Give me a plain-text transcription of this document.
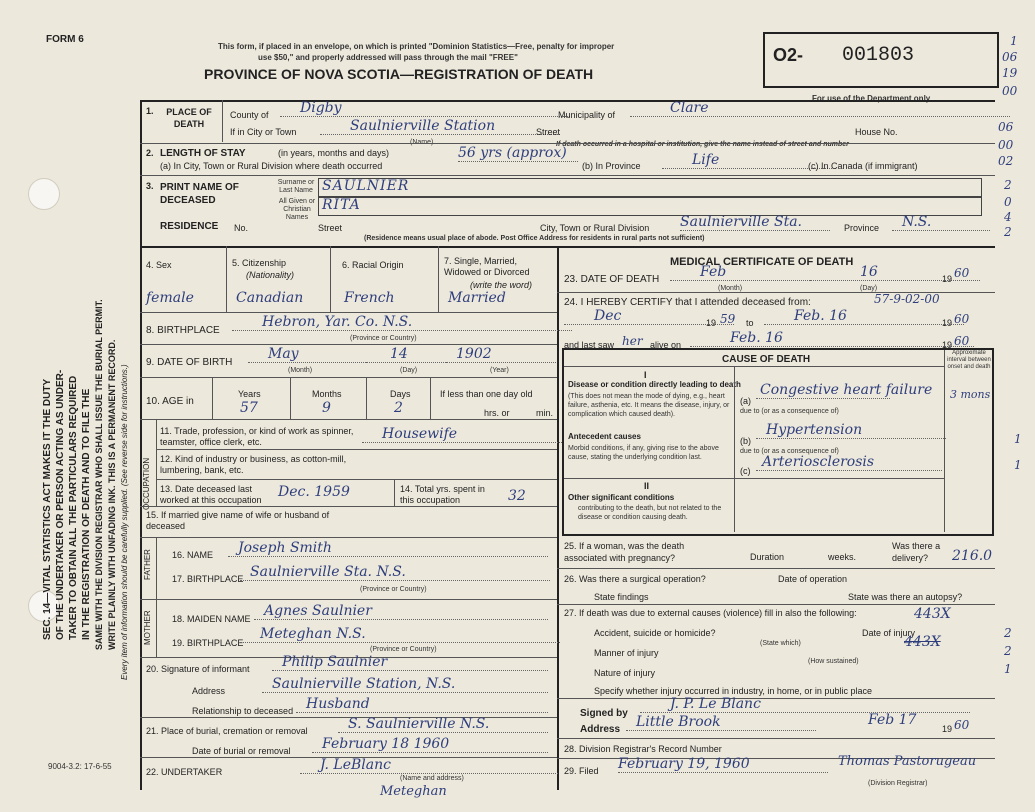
SEC. 14—VITAL STATISTICS ACT MAKES IT THE DUTY OF THE UNDERTAKER OR PERSON ACTING AS UNDER- TAKER TO OBTAIN ALL THE PARTICULARS REQUIRED IN THE REGISTRATION OF DEATH AND TO FILE THE SAME WITH THE DIVISION REGISTRAR WHO SHALL ISSUE THE BURIAL PERMIT. WRITE PLAINLY WITH UNFADING INK. THIS IS A PERMANENT RECORD. Every item of information should be carefully supplied. (See reverse side for instructions.)
FORM 6
This form, if placed in an envelope, on which is printed "Dominion Statistics—Free, penalty for improper
use $50," and properly addressed will pass through the mail "FREE"
PROVINCE OF NOVA SCOTIA—REGISTRATION OF DEATH
O2- 001803
For use of the Department only
1
06
19
00
06
00
02
2
0
4
2
1.	PLACE OF DEATH
County of	Digby	Municipality of	Clare
If in City or Town	Saulnierville Station
(Name)
Street	House No.
If death occurred in a hospital or institution, give the name instead of street and number
2. LENGTH OF STAY	(in years, months and days)
(a) In City, Town or Rural Division where death occurred
56 yrs (approx)
(b) In Province	Life	(c) In Canada (if immigrant)
3. PRINT NAME OF DECEASED
Surname or Last Name
All Given or Christian Names
SAULNIER
RITA
RESIDENCE No.	Street	City, Town or Rural Division Saulnierville Sta.	Province	N.S.
(Residence means usual place of abode. Post Office Address for residents in rural parts not sufficient)
4. Sex	5. Citizenship
(Nationality)
6. Racial Origin	7. Single, Married, Widowed or Divorced
(write the word)
female	Canadian	French	Married
8. BIRTHPLACE
Hebron, Yar. Co. N.S.
(Province or Country)
9. DATE OF BIRTH
May	14	1902
(Month)	(Day)	(Year)
10. AGE in
Years	Months	Days
57	9	2
If less than one day old
hrs. or	min.
OCCUPATION
11. Trade, profession, or kind of work as spinner, teamster, office clerk, etc.	Housewife
12. Kind of industry or business, as cotton-mill, lumbering, bank, etc.
13. Date deceased last worked at this occupation	Dec. 1959	14. Total yrs. spent in this occupation	32
15. If married give name of wife or husband of deceased
FATHER 16. NAME	Joseph Smith
17. BIRTHPLACE Saulnierville Sta. N.S.
(Province or Country)
MOTHER 18. MAIDEN NAME Agnes Saulnier
19. BIRTHPLACE
Meteghan N.S.
(Province or Country)
20. Signature of informant	Philip Saulnier
Address	Saulnierville Station, N.S.
Relationship to deceased Husband
21. Place of burial, cremation or removal	S. Saulnierville N.S.
Date of burial or removal	February 18 1960
22. UNDERTAKER	J. LeBlanc
(Name and address)
Meteghan
9004-3.2: 17-6-55
MEDICAL CERTIFICATE OF DEATH
23. DATE OF DEATH	Feb	16	19 60
(Month)	(Day)
24. I HEREBY CERTIFY that I attended deceased from:	57-9-02-00
Dec	19 59 to	Feb. 16	19 60
and last saw her alive on	Feb. 16	19 60
CAUSE OF DEATH
Approximate interval between onset and death
I
Disease or condition directly leading to death
(This does not mean the mode of dying, e.g., heart failure, asthenia, etc. It means the disease, injury, or complication which caused death).
(a)
Congestive heart failure 3 mons
due to (or as a consequence of)
Antecedent causes
Morbid conditions, if any, giving rise to the above cause, stating the underlying condition last.
(b)
Hypertension
due to (or as a consequence of)
(c)
Arteriosclerosis
II
Other significant conditions
contributing to the death, but not related to the disease or condition causing death.
1
1
25. If a woman, was the death associated with pregnancy?	Duration	weeks.
Was there a delivery?	216.0
26. Was there a surgical operation?	Date of operation
State findings	State was there an autopsy?
27. If death was due to external causes (violence) fill in also the following:	443X
Accident, suicide or homicide?	Date of injury
(State which)	443X
Manner of injury
(How sustained)
Nature of injury
Specify whether injury occurred in industry, in home, or in public place
2
2
1
Signed by
J. P. Le Blanc
Address	Little Brook	Feb 17
19 60
28. Division Registrar's Record Number
29. Filed February 19, 1960	Thomas Pastorugeau
(Division Registrar)
